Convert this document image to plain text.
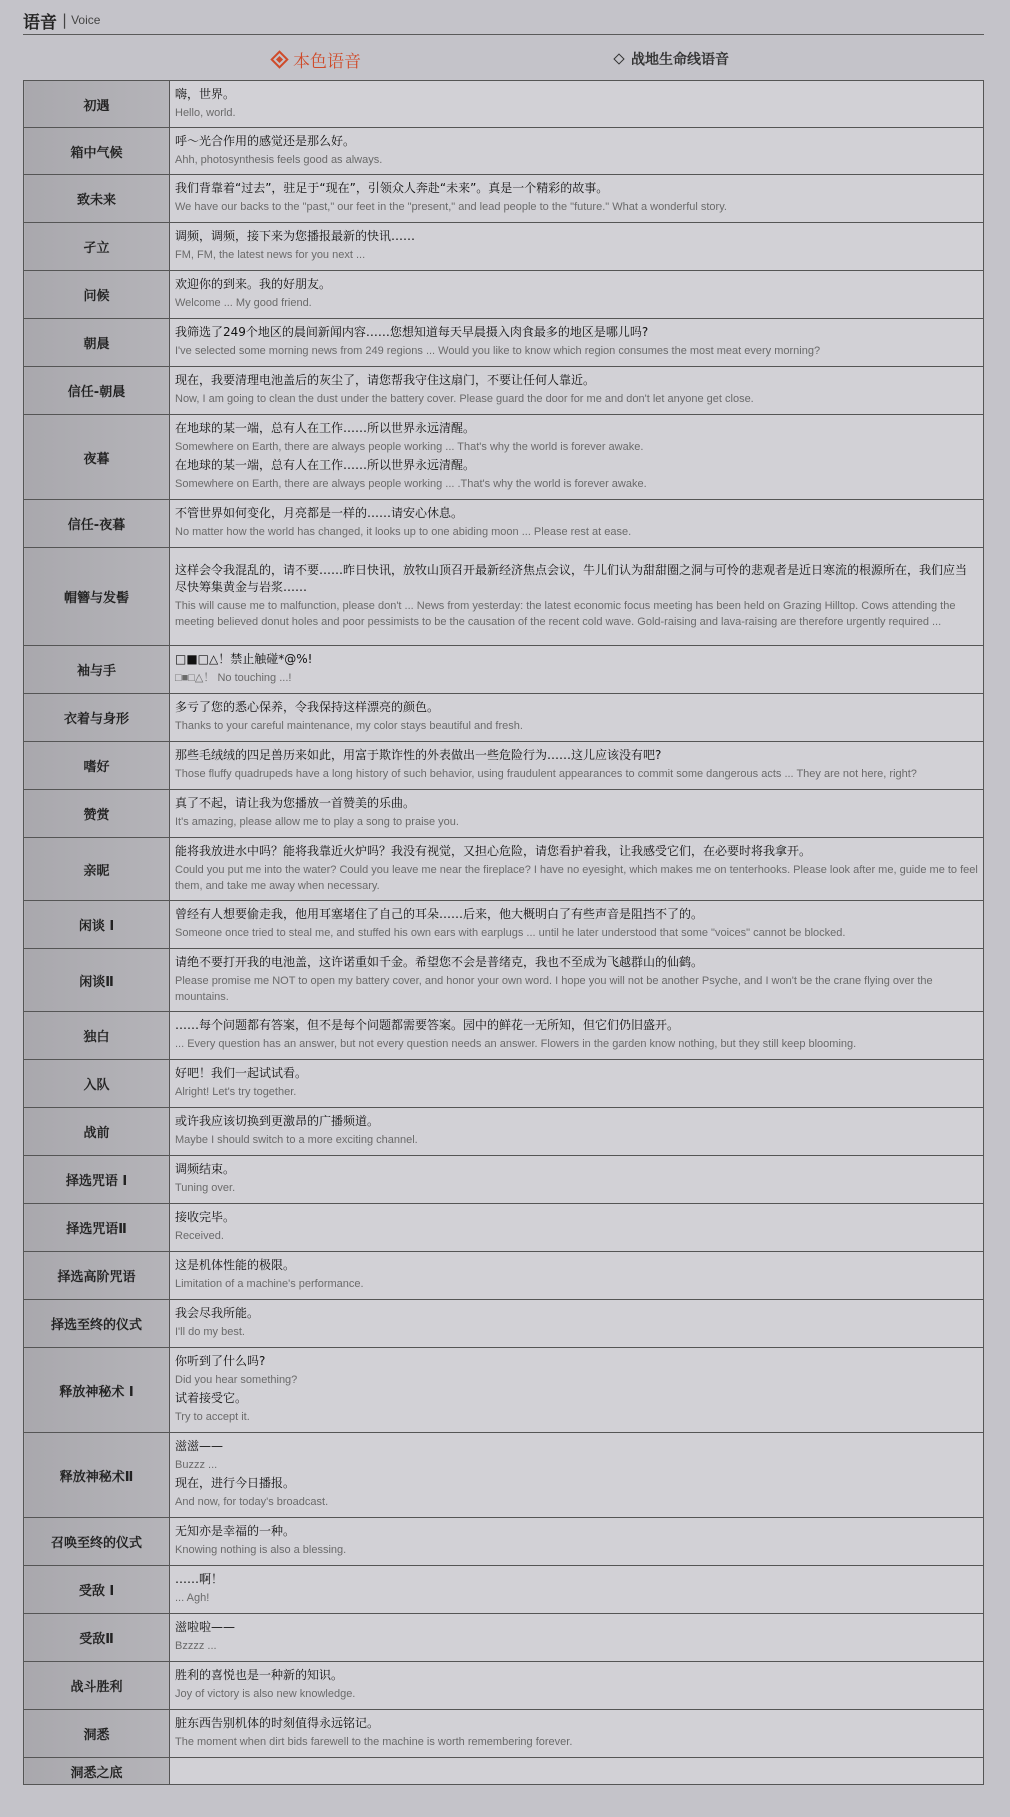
语音 | Voice
本色语音	战地生命线语音
初遇	嗨，世界。
Hello, world.

箱中气候	呼～光合作用的感觉还是那么好。
Ahh, photosynthesis feels good as always.

致未来	我们背靠着“过去”，驻足于“现在”，引领众人奔赴“未来”。真是一个精彩的故事。
We have our backs to the "past," our feet in the "present," and lead people to the "future." What a wonderful story.

孑立	调频，调频，接下来为您播报最新的快讯……
FM, FM, the latest news for you next ...

问候	欢迎你的到来。我的好朋友。
Welcome ... My good friend.

朝晨	我筛选了249个地区的晨间新闻内容……您想知道每天早晨摄入肉食最多的地区是哪儿吗?
I've selected some morning news from 249 regions ... Would you like to know which region consumes the most meat every morning?

信任-朝晨	现在，我要清理电池盖后的灰尘了，请您帮我守住这扇门，不要让任何人靠近。
Now, I am going to clean the dust under the battery cover. Please guard the door for me and don't let anyone get close.

夜暮	在地球的某一端，总有人在工作……所以世界永远清醒。
Somewhere on Earth, there are always people working ... That's why the world is forever awake.
在地球的某一端，总有人在工作……所以世界永远清醒。
Somewhere on Earth, there are always people working ... .That's why the world is forever awake.

信任-夜暮	不管世界如何变化，月亮都是一样的……请安心休息。
No matter how the world has changed, it looks up to one abiding moon ... Please rest at ease.

帽簪与发髻	这样会令我混乱的，请不要……昨日快讯，放牧山顶召开最新经济焦点会议，牛儿们认为甜甜圈之洞与可怜的悲观者是近日寒流的根源所在，我们应当尽快筹集黄金与岩浆……
This will cause me to malfunction, please don't ... News from yesterday: the latest economic focus meeting has been held on Grazing Hilltop. Cows attending the meeting believed donut holes and poor pessimists to be the causation of the recent cold wave. Gold-raising and lava-raising are therefore urgently required ...

袖与手	□■□△！禁止触碰*@%!
□■□△！ No touching ...!

衣着与身形	多亏了您的悉心保养，令我保持这样漂亮的颜色。
Thanks to your careful maintenance, my color stays beautiful and fresh.

嗜好	那些毛绒绒的四足兽历来如此，用富于欺诈性的外表做出一些危险行为……这儿应该没有吧?
Those fluffy quadrupeds have a long history of such behavior, using fraudulent appearances to commit some dangerous acts ... They are not here, right?

赞赏	真了不起，请让我为您播放一首赞美的乐曲。
It's amazing, please allow me to play a song to praise you.

亲昵	能将我放进水中吗？能将我靠近火炉吗？我没有视觉，又担心危险，请您看护着我，让我感受它们，在必要时将我拿开。
Could you put me into the water? Could you leave me near the fireplace? I have no eyesight, which makes me on tenterhooks. Please look after me, guide me to feel them, and take me away when necessary.

闲谈 I	曾经有人想要偷走我，他用耳塞堵住了自己的耳朵……后来，他大概明白了有些声音是阻挡不了的。
Someone once tried to steal me, and stuffed his own ears with earplugs ... until he later understood that some "voices" cannot be blocked.

闲谈Ⅱ	请绝不要打开我的电池盖，这许诺重如千金。希望您不会是普绪克，我也不至成为飞越群山的仙鹤。
Please promise me NOT to open my battery cover, and honor your own word. I hope you will not be another Psyche, and I won't be the crane flying over the mountains.

独白	……每个问题都有答案，但不是每个问题都需要答案。园中的鲜花一无所知，但它们仍旧盛开。
... Every question has an answer, but not every question needs an answer. Flowers in the garden know nothing, but they still keep blooming.

入队	好吧！我们一起试试看。
Alright! Let's try together.

战前	或许我应该切换到更激昂的广播频道。
Maybe I should switch to a more exciting channel.

择选咒语 I	调频结束。
Tuning over.

择选咒语Ⅱ	接收完毕。
Received.

择选高阶咒语	这是机体性能的极限。
Limitation of a machine's performance.

择选至终的仪式	我会尽我所能。
I'll do my best.

释放神秘术 I	你听到了什么吗?
Did you hear something?
试着接受它。
Try to accept it.

释放神秘术Ⅱ	滋滋——
Buzzz ...
现在，进行今日播报。
And now, for today's broadcast.

召唤至终的仪式	无知亦是幸福的一种。
Knowing nothing is also a blessing.

受敌 I	……啊！
... Agh!

受敌Ⅱ	滋啦啦——
Bzzzz ...

战斗胜利	胜利的喜悦也是一种新的知识。
Joy of victory is also new knowledge.

洞悉	脏东西告别机体的时刻值得永远铭记。
The moment when dirt bids farewell to the machine is worth remembering forever.

洞悉之底	
